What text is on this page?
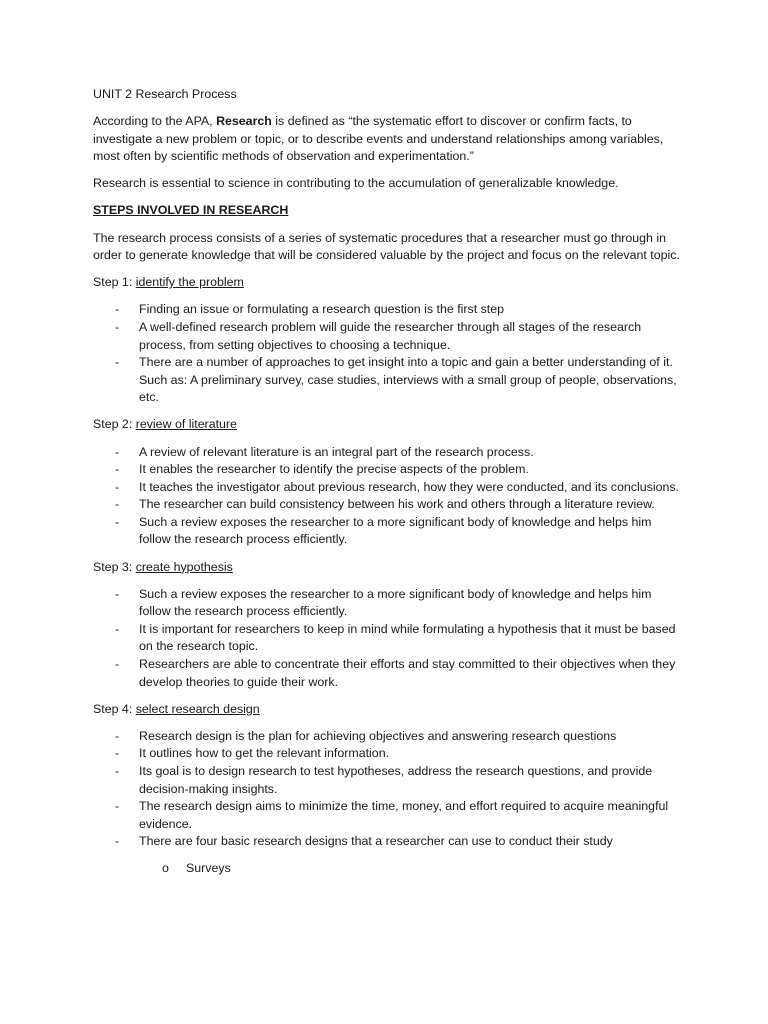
UNIT 2 Research Process

According to the APA, Research is defined as “the systematic effort to discover or confirm facts, to investigate a new problem or topic, or to describe events and understand relationships among variables, most often by scientific methods of observation and experimentation.”

Research is essential to science in contributing to the accumulation of generalizable knowledge.

STEPS INVOLVED IN RESEARCH

The research process consists of a series of systematic procedures that a researcher must go through in order to generate knowledge that will be considered valuable by the project and focus on the relevant topic.

Step 1: identify the problem

- Finding an issue or formulating a research question is the first step
- A well-defined research problem will guide the researcher through all stages of the research process, from setting objectives to choosing a technique.
- There are a number of approaches to get insight into a topic and gain a better understanding of it. Such as: A preliminary survey, case studies, interviews with a small group of people, observations, etc.

Step 2: review of literature

- A review of relevant literature is an integral part of the research process.
- It enables the researcher to identify the precise aspects of the problem.
- It teaches the investigator about previous research, how they were conducted, and its conclusions.
- The researcher can build consistency between his work and others through a literature review.
- Such a review exposes the researcher to a more significant body of knowledge and helps him follow the research process efficiently.

Step 3: create hypothesis

- Such a review exposes the researcher to a more significant body of knowledge and helps him follow the research process efficiently.
- It is important for researchers to keep in mind while formulating a hypothesis that it must be based on the research topic.
- Researchers are able to concentrate their efforts and stay committed to their objectives when they develop theories to guide their work.

Step 4: select research design

- Research design is the plan for achieving objectives and answering research questions
- It outlines how to get the relevant information.
- Its goal is to design research to test hypotheses, address the research questions, and provide decision-making insights.
- The research design aims to minimize the time, money, and effort required to acquire meaningful evidence.
- There are four basic research designs that a researcher can use to conduct their study
o Surveys
